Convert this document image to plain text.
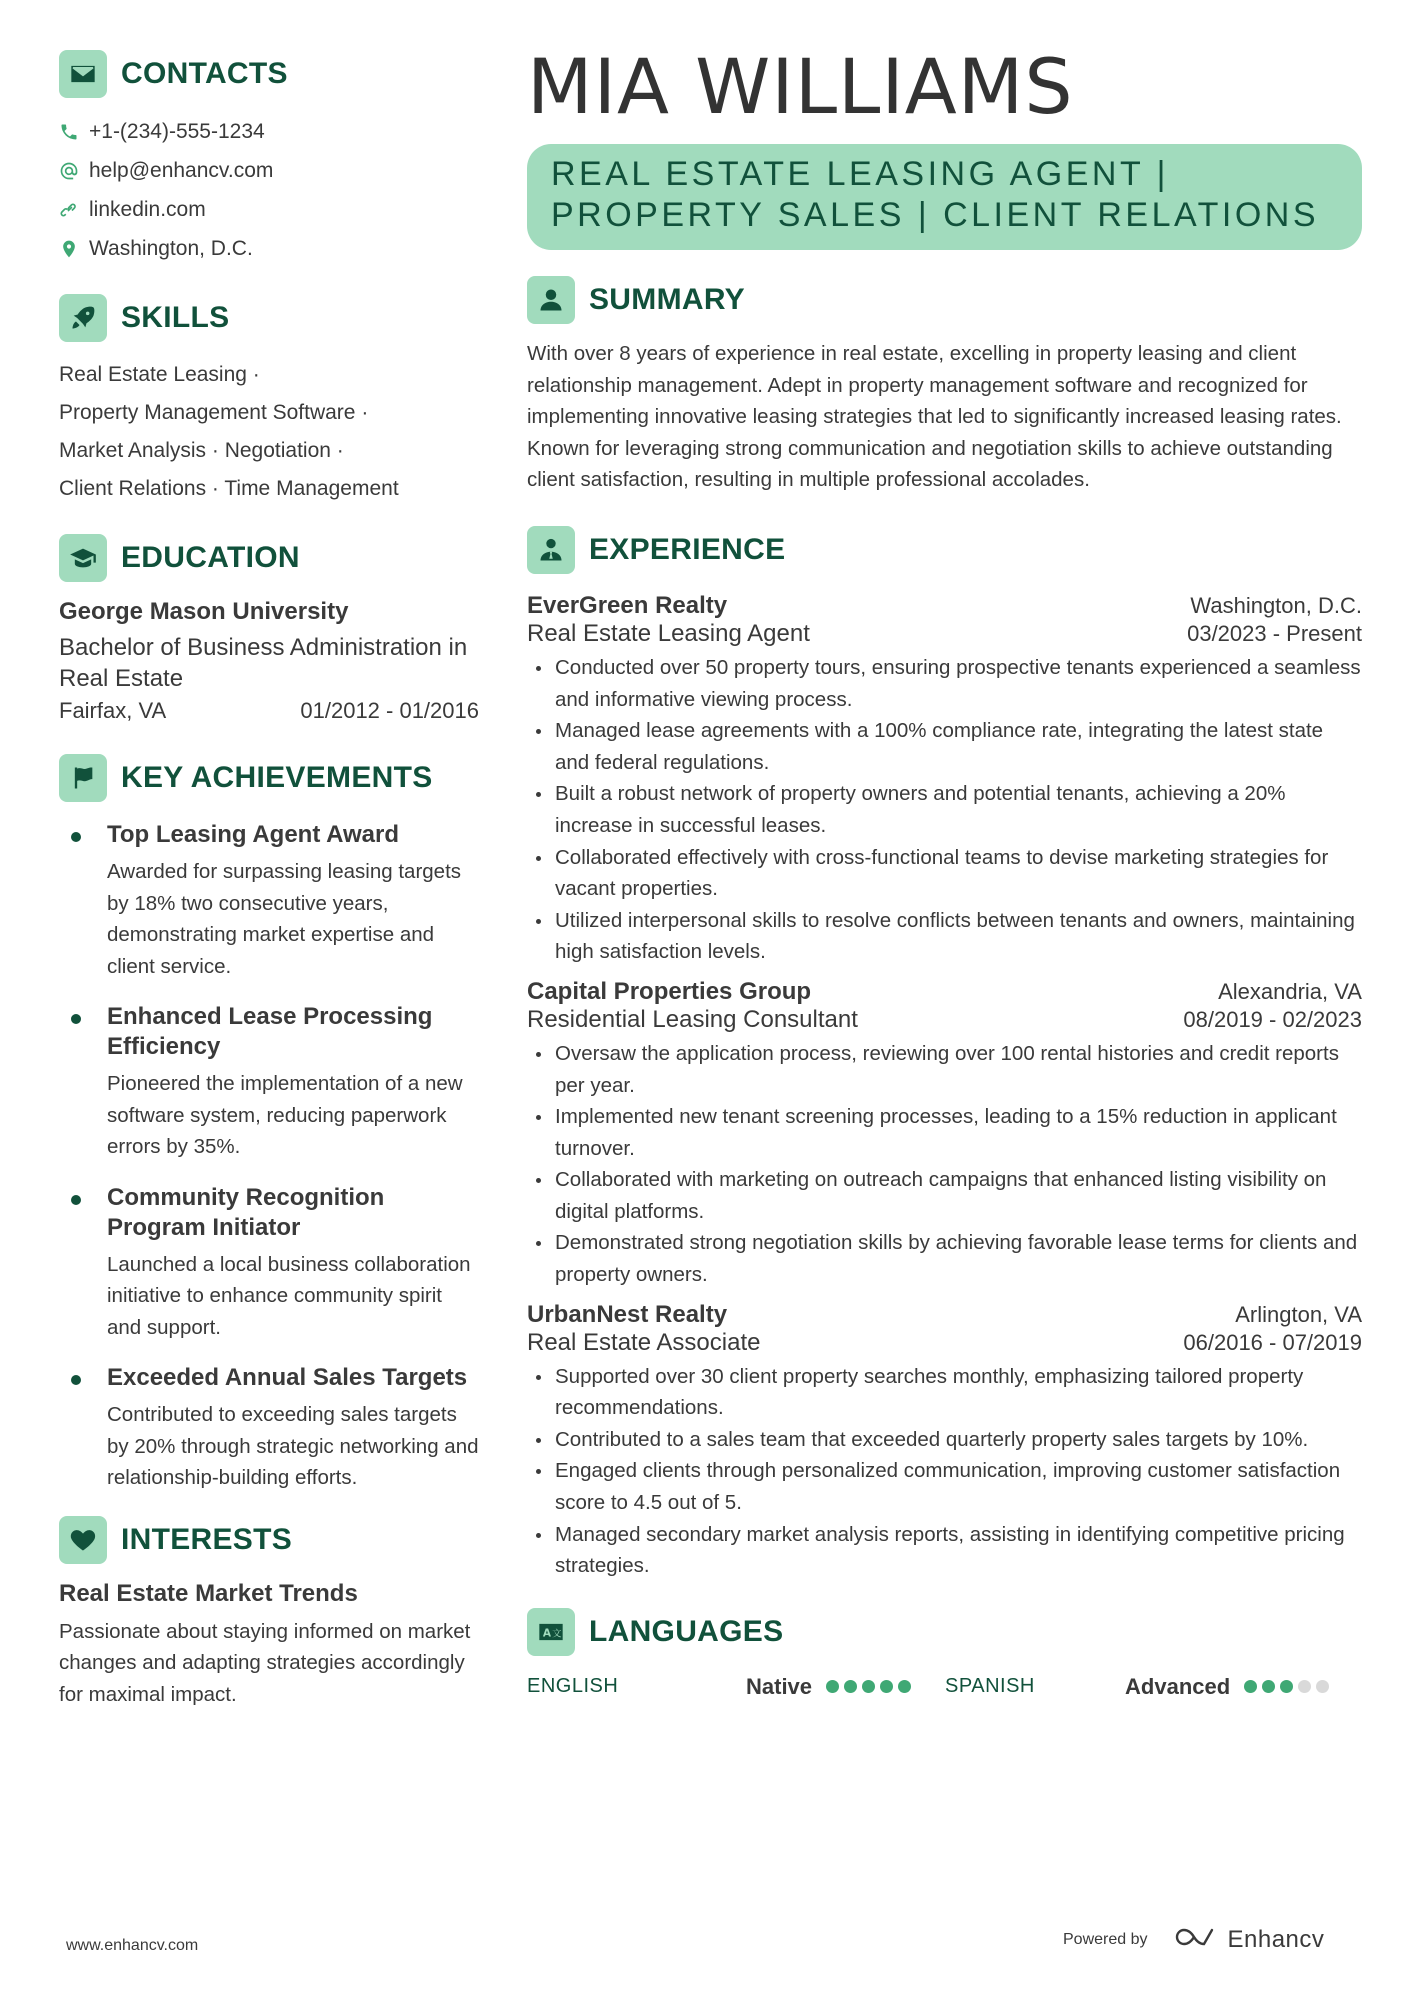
CONTACTS
+1-(234)-555-1234
help@enhancv.com
linkedin.com
Washington, D.C.
SKILLS
Real Estate Leasing ·
Property Management Software ·
Market Analysis · Negotiation ·
Client Relations · Time Management
EDUCATION
George Mason University
Bachelor of Business Administration in Real Estate
Fairfax, VA	01/2012 - 01/2016
KEY ACHIEVEMENTS
Top Leasing Agent Award
Awarded for surpassing leasing targets by 18% two consecutive years, demonstrating market expertise and client service.
Enhanced Lease Processing Efficiency
Pioneered the implementation of a new software system, reducing paperwork errors by 35%.
Community Recognition Program Initiator
Launched a local business collaboration initiative to enhance community spirit and support.
Exceeded Annual Sales Targets
Contributed to exceeding sales targets by 20% through strategic networking and relationship-building efforts.
INTERESTS
Real Estate Market Trends
Passionate about staying informed on market changes and adapting strategies accordingly for maximal impact.
MIA WILLIAMS
REAL ESTATE LEASING AGENT |
PROPERTY SALES | CLIENT RELATIONS
SUMMARY
With over 8 years of experience in real estate, excelling in property leasing and client relationship management. Adept in property management software and recognized for implementing innovative leasing strategies that led to significantly increased leasing rates. Known for leveraging strong communication and negotiation skills to achieve outstanding client satisfaction, resulting in multiple professional accolades.
EXPERIENCE
EverGreen Realty	Washington, D.C.
Real Estate Leasing Agent	03/2023 - Present
Conducted over 50 property tours, ensuring prospective tenants experienced a seamless and informative viewing process.
Managed lease agreements with a 100% compliance rate, integrating the latest state and federal regulations.
Built a robust network of property owners and potential tenants, achieving a 20% increase in successful leases.
Collaborated effectively with cross-functional teams to devise marketing strategies for vacant properties.
Utilized interpersonal skills to resolve conflicts between tenants and owners, maintaining high satisfaction levels.
Capital Properties Group	Alexandria, VA
Residential Leasing Consultant	08/2019 - 02/2023
Oversaw the application process, reviewing over 100 rental histories and credit reports per year.
Implemented new tenant screening processes, leading to a 15% reduction in applicant turnover.
Collaborated with marketing on outreach campaigns that enhanced listing visibility on digital platforms.
Demonstrated strong negotiation skills by achieving favorable lease terms for clients and property owners.
UrbanNest Realty	Arlington, VA
Real Estate Associate	06/2016 - 07/2019
Supported over 30 client property searches monthly, emphasizing tailored property recommendations.
Contributed to a sales team that exceeded quarterly property sales targets by 10%.
Engaged clients through personalized communication, improving customer satisfaction score to 4.5 out of 5.
Managed secondary market analysis reports, assisting in identifying competitive pricing strategies.
A 文 LANGUAGES
ENGLISH	Native	SPANISH	Advanced
www.enhancv.com	Powered by	Enhancv
